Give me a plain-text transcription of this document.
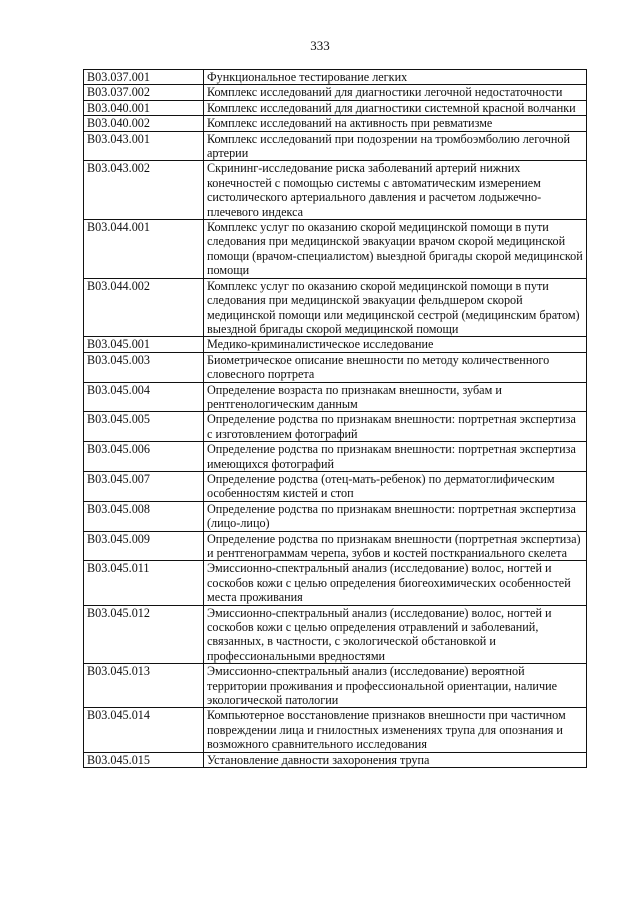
333
B03.037.001	Функциональное тестирование легких
B03.037.002	Комплекс исследований для диагностики легочной недостаточности
B03.040.001	Комплекс исследований для диагностики системной красной волчанки
B03.040.002	Комплекс исследований на активность при ревматизме
B03.043.001	Комплекс исследований при подозрении на тромбоэмболию легочной артерии
B03.043.002	Скрининг-исследование риска заболеваний артерий нижних конечностей с помощью системы с автоматическим измерением систолического артериального давления и расчетом лодыжечно-плечевого индекса
B03.044.001	Комплекс услуг по оказанию скорой медицинской помощи в пути следования при медицинской эвакуации врачом скорой медицинской помощи (врачом-специалистом) выездной бригады скорой медицинской помощи
B03.044.002	Комплекс услуг по оказанию скорой медицинской помощи в пути следования при медицинской эвакуации фельдшером скорой медицинской помощи или медицинской сестрой (медицинским братом) выездной бригады скорой медицинской помощи
B03.045.001	Медико-криминалистическое исследование
B03.045.003	Биометрическое описание внешности по методу количественного словесного портрета
B03.045.004	Определение возраста по признакам внешности, зубам и рентгенологическим данным
B03.045.005	Определение родства по признакам внешности: портретная экспертиза с изготовлением фотографий
B03.045.006	Определение родства по признакам внешности: портретная экспертиза имеющихся фотографий
B03.045.007	Определение родства (отец-мать-ребенок) по дерматоглифическим особенностям кистей и стоп
B03.045.008	Определение родства по признакам внешности: портретная экспертиза (лицо-лицо)
B03.045.009	Определение родства по признакам внешности (портретная экспертиза) и рентгенограммам черепа, зубов и костей посткраниального скелета
B03.045.011	Эмиссионно-спектральный анализ (исследование) волос, ногтей и соскобов кожи с целью определения биогеохимических особенностей места проживания
B03.045.012	Эмиссионно-спектральный анализ (исследование) волос, ногтей и соскобов кожи с целью определения отравлений и заболеваний, связанных, в частности, с экологической обстановкой и профессиональными вредностями
B03.045.013	Эмиссионно-спектральный анализ (исследование) вероятной территории проживания и профессиональной ориентации, наличие экологической патологии
B03.045.014	Компьютерное восстановление признаков внешности при частичном повреждении лица и гнилостных изменениях трупа для опознания и возможного сравнительного исследования
B03.045.015	Установление давности захоронения трупа
